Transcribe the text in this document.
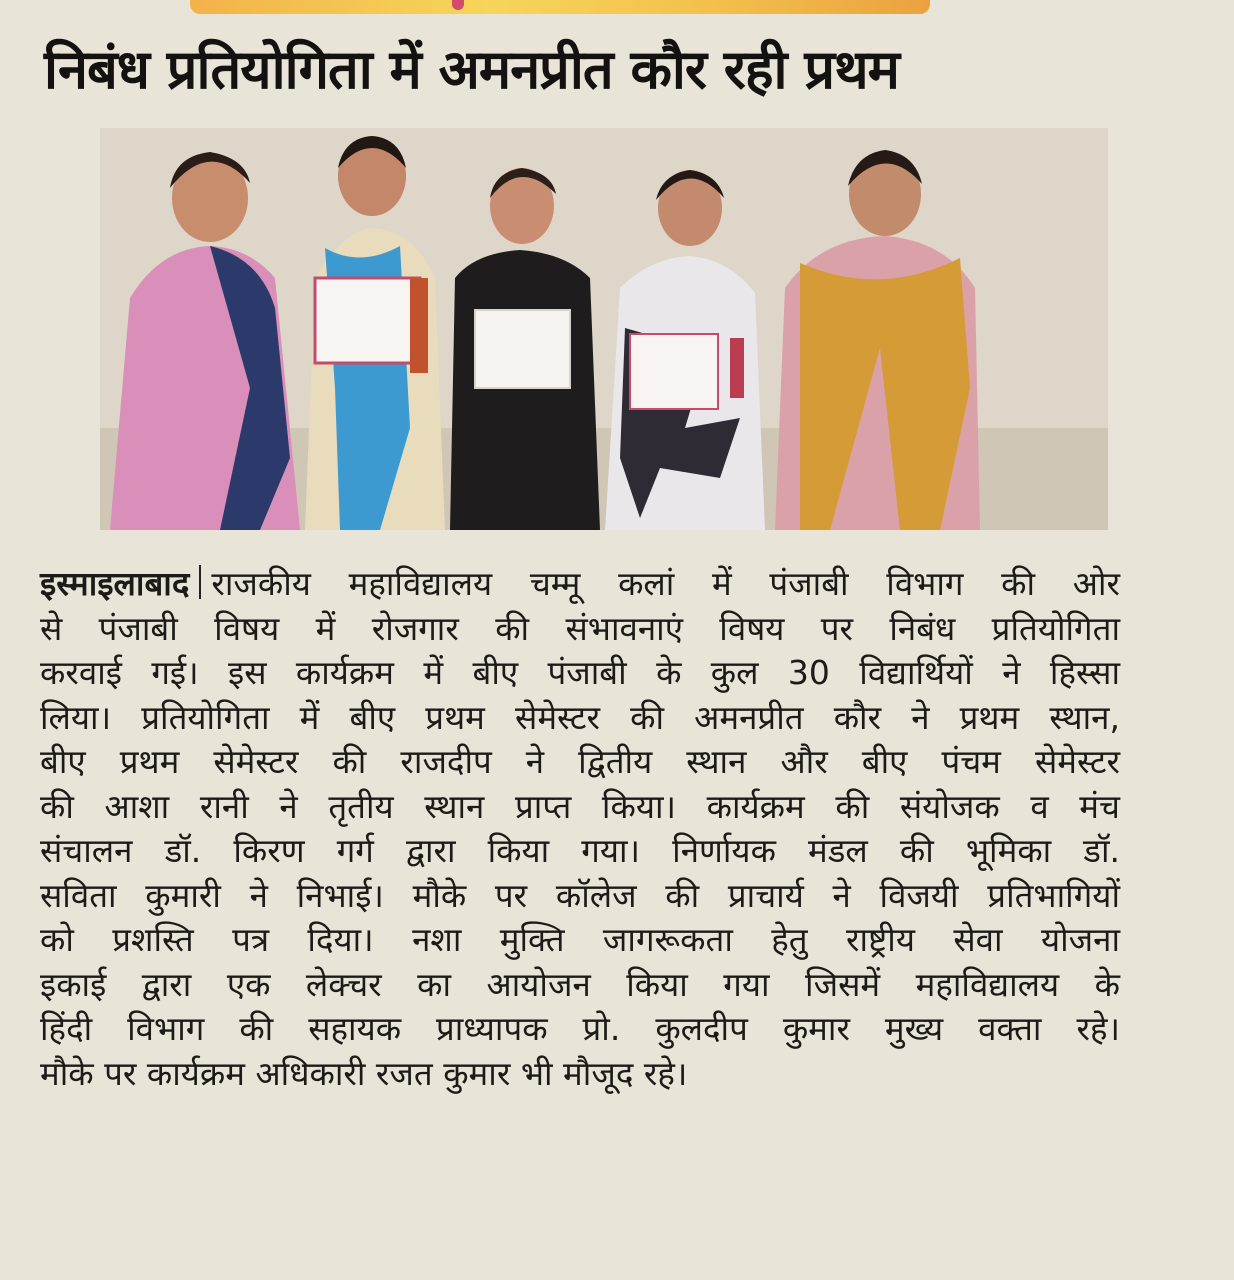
निबंध प्रतियोगिता में अमनप्रीत कौर रही प्रथम
इस्माइलाबाद राजकीय महाविद्यालय चम्मू कलां में पंजाबी विभाग की ओर
से पंजाबी विषय में रोजगार की संभावनाएं विषय पर निबंध प्रतियोगिता
करवाई गई। इस कार्यक्रम में बीए पंजाबी के कुल 30 विद्यार्थियों ने हिस्सा
लिया। प्रतियोगिता में बीए प्रथम सेमेस्टर की अमनप्रीत कौर ने प्रथम स्थान,
बीए प्रथम सेमेस्टर की राजदीप ने द्वितीय स्थान और बीए पंचम सेमेस्टर
की आशा रानी ने तृतीय स्थान प्राप्त किया। कार्यक्रम की संयोजक व मंच
संचालन डॉ. किरण गर्ग द्वारा किया गया। निर्णायक मंडल की भूमिका डॉ.
सविता कुमारी ने निभाई। मौके पर कॉलेज की प्राचार्य ने विजयी प्रतिभागियों
को प्रशस्ति पत्र दिया। नशा मुक्ति जागरूकता हेतु राष्ट्रीय सेवा योजना
इकाई द्वारा एक लेक्चर का आयोजन किया गया जिसमें महाविद्यालय के
हिंदी विभाग की सहायक प्राध्यापक प्रो. कुलदीप कुमार मुख्य वक्ता रहे।
मौके पर कार्यक्रम अधिकारी रजत कुमार भी मौजूद रहे।
